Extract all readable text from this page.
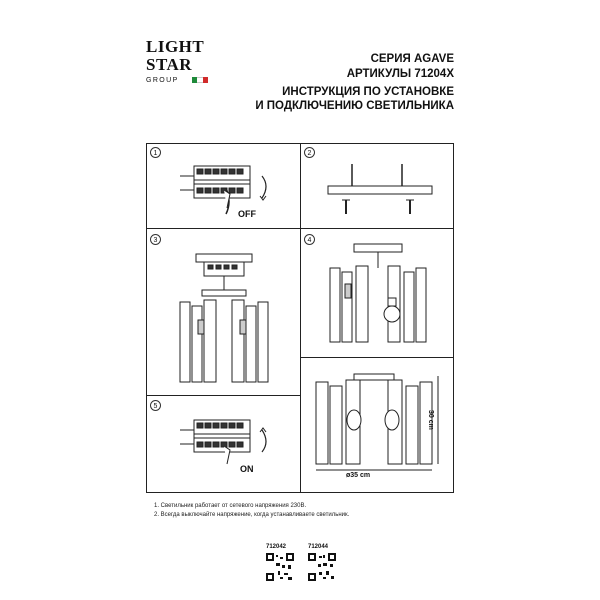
LIGHT
STAR
GROUP
СЕРИЯ AGAVE
АРТИКУЛЫ 71204X
ИНСТРУКЦИЯ ПО УСТАНОВКЕ
И ПОДКЛЮЧЕНИЮ СВЕТИЛЬНИКА
1	2
3	4
5
OFF
ø35 cm
30 cm
ON
1. Светильник работает от сетевого напряжения 230В.
2. Всегда выключайте напряжение, когда устанавливаете светильник.
712042	712044
